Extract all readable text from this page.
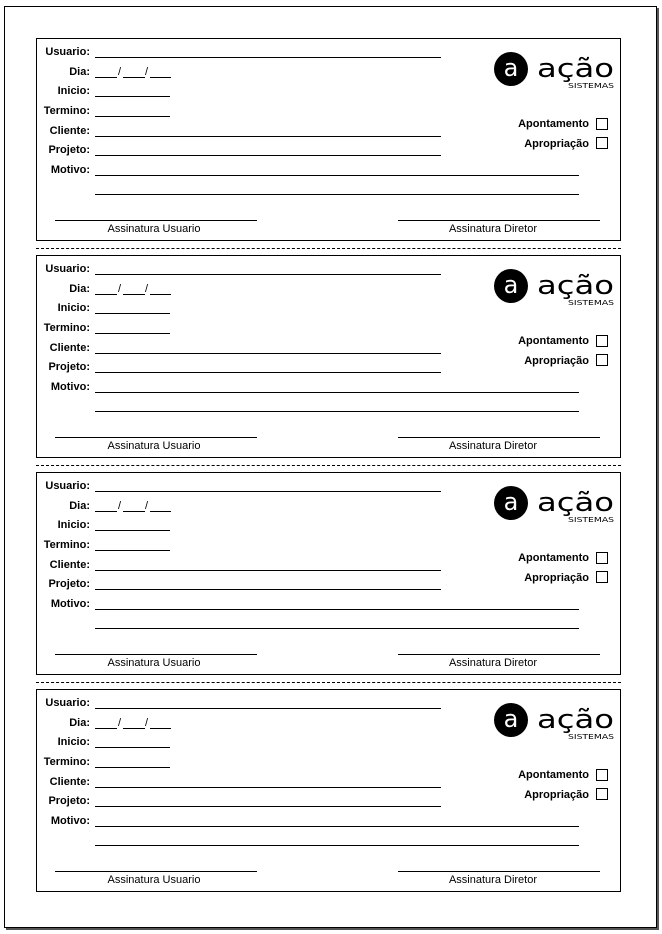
Usuario:
Dia:	/ /
Inicio:
Termino:
Cliente:
Projeto:
Motivo:
Apontamento
Apropriação
Assinatura Usuario	Assinatura Diretor
a ação
SISTEMAS
Usuario:
Dia:	/ /
Inicio:
Termino:
Cliente:
Projeto:
Motivo:
Apontamento
Apropriação
Assinatura Usuario	Assinatura Diretor
a ação
SISTEMAS
Usuario:
Dia:	/ /
Inicio:
Termino:
Cliente:
Projeto:
Motivo:
Apontamento
Apropriação
Assinatura Usuario	Assinatura Diretor
a ação
SISTEMAS
Usuario:
Dia:	/ /
Inicio:
Termino:
Cliente:
Projeto:
Motivo:
Apontamento
Apropriação
Assinatura Usuario	Assinatura Diretor
a ação
SISTEMAS
